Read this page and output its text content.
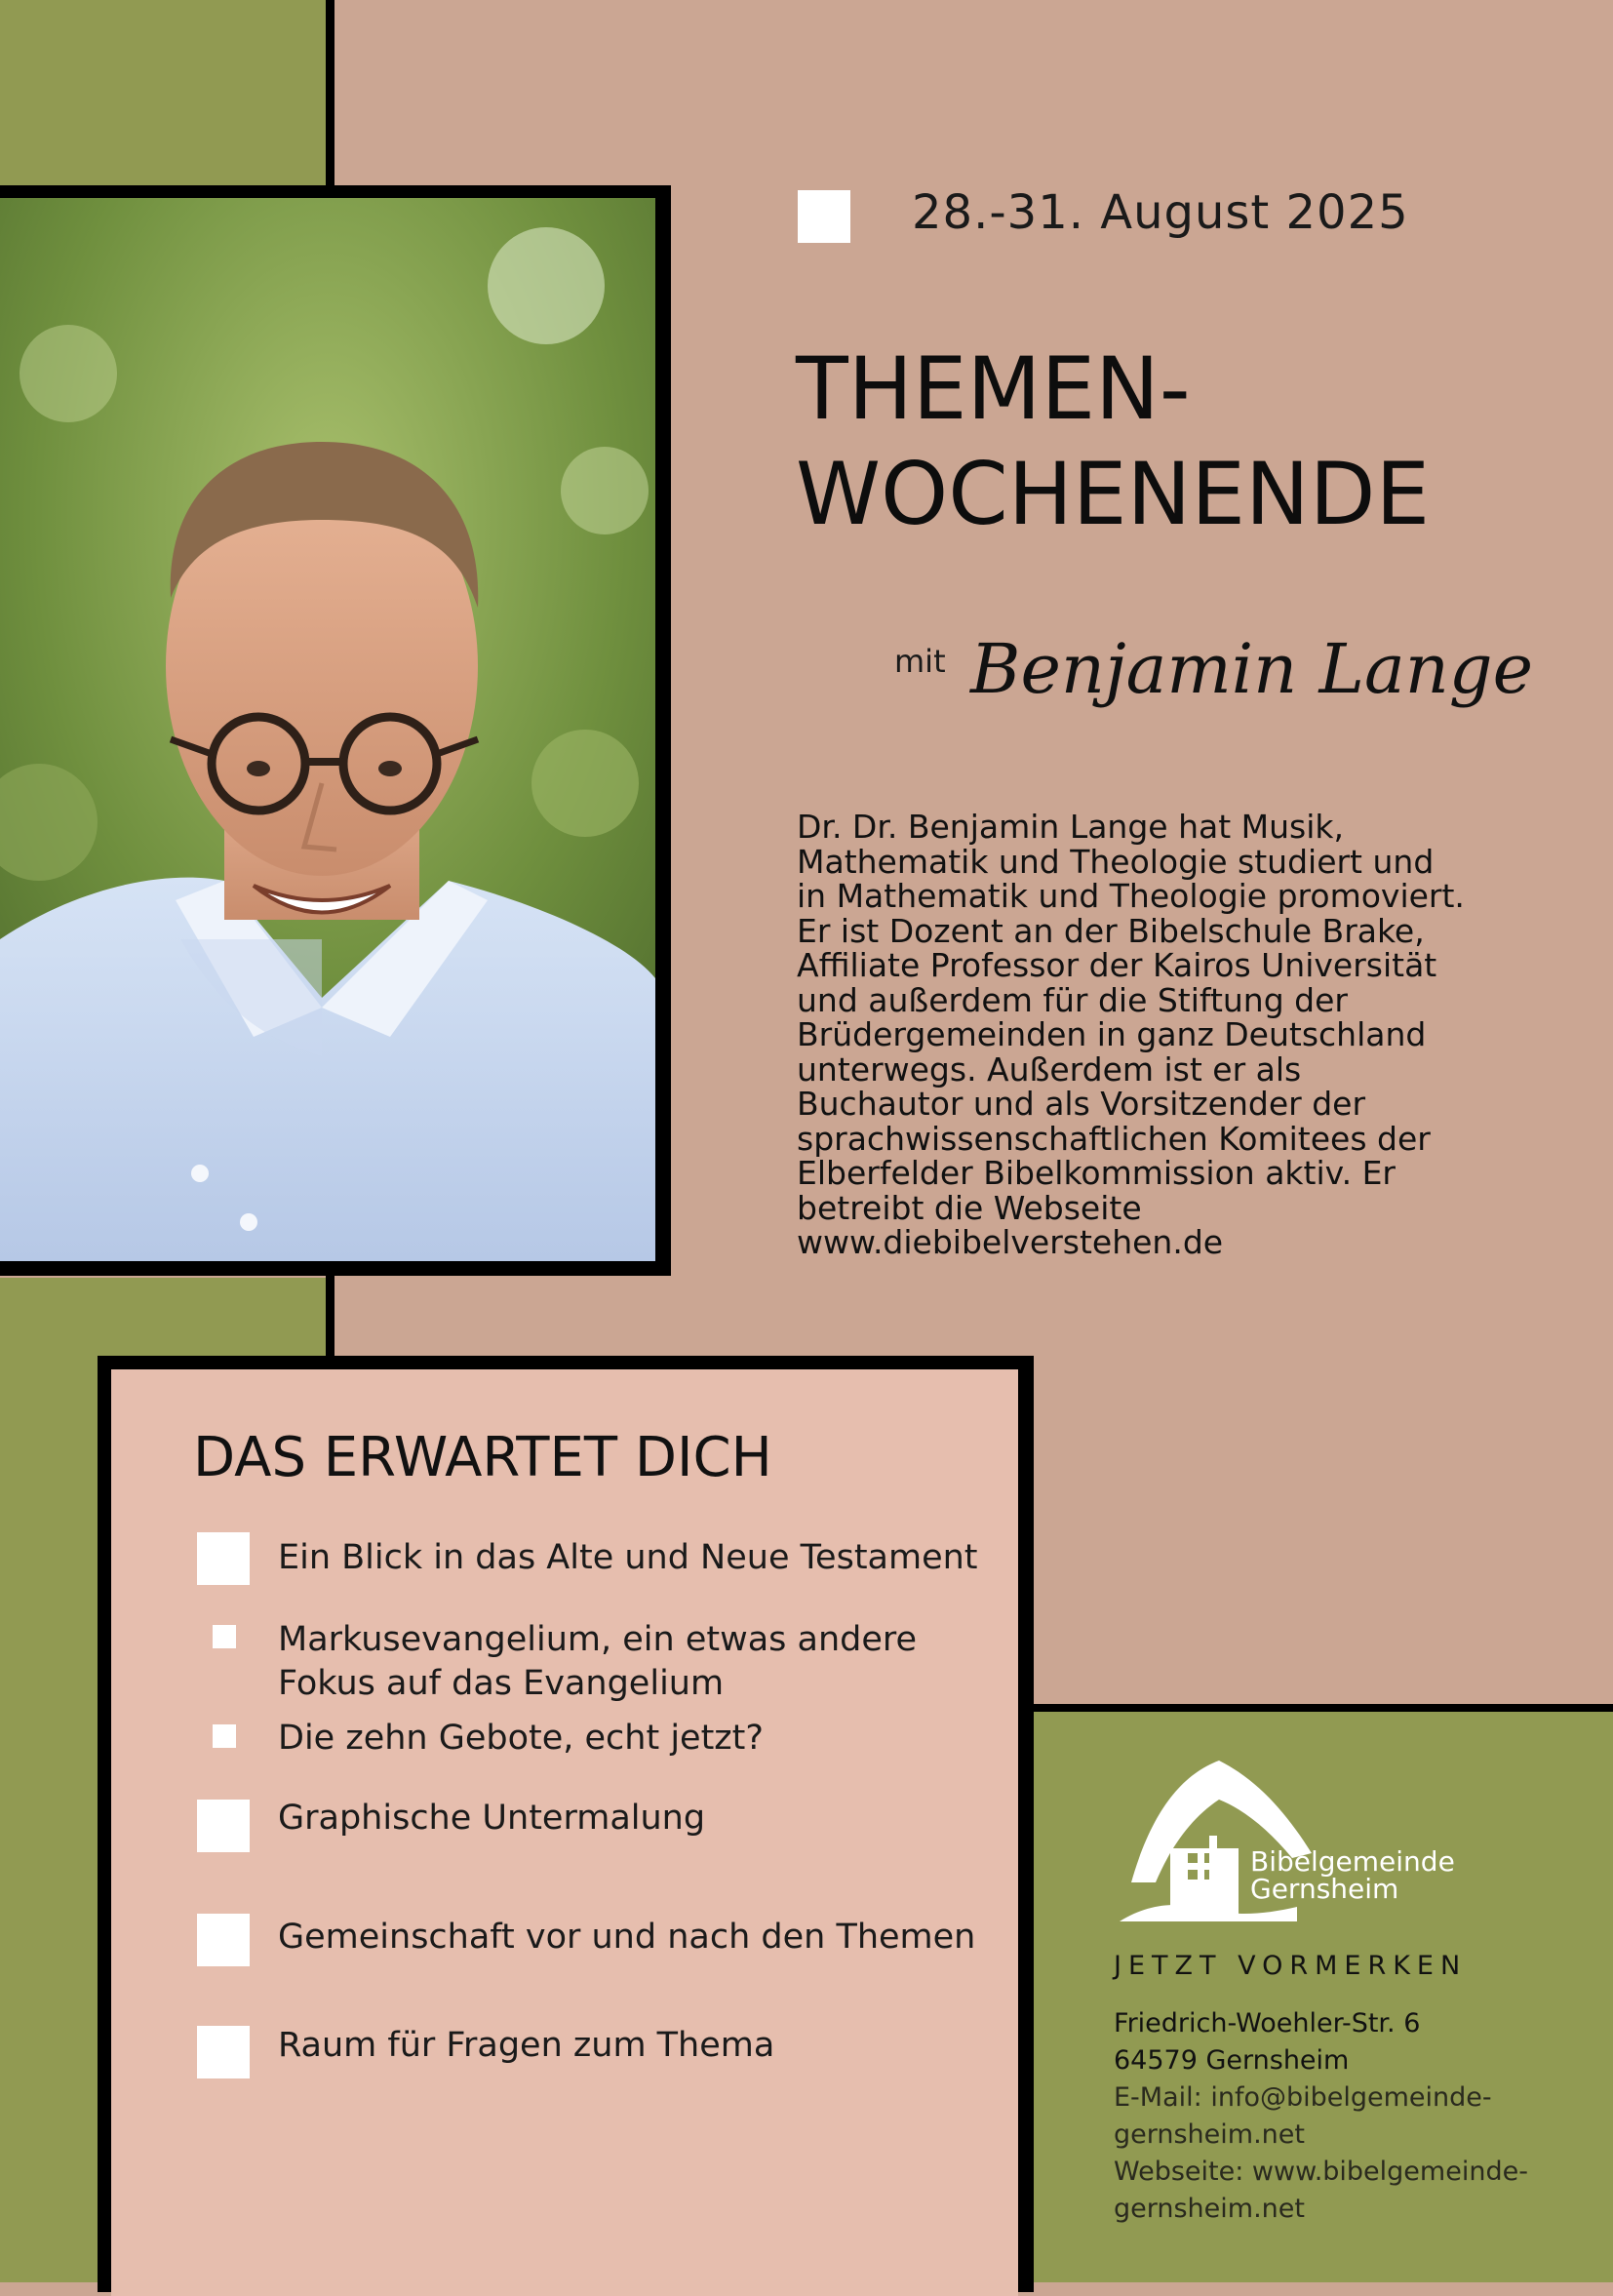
28.-31. August 2025
THEMEN-
WOCHENENDE
mit Benjamin Lange
Dr. Dr. Benjamin Lange hat Musik,
Mathematik und Theologie studiert und
in Mathematik und Theologie promoviert.
Er ist Dozent an der Bibelschule Brake,
Affiliate Professor der Kairos Universität
und außerdem für die Stiftung der
Brüdergemeinden in ganz Deutschland
unterwegs. Außerdem ist er als
Buchautor und als Vorsitzender der
sprachwissenschaftlichen Komitees der
Elberfelder Bibelkommission aktiv. Er
betreibt die Webseite
www.diebibelverstehen.de
DAS ERWARTET DICH
Ein Blick in das Alte und Neue Testament
Markusevangelium, ein etwas andere
Fokus auf das Evangelium
Die zehn Gebote, echt jetzt?
Graphische Untermalung
Gemeinschaft vor und nach den Themen
Raum für Fragen zum Thema
Bibelgemeinde
Gernsheim
JETZT VORMERKEN
Friedrich-Woehler-Str. 6
64579 Gernsheim
E-Mail: info@bibelgemeinde-
gernsheim.net
Webseite: www.bibelgemeinde-
gernsheim.net
